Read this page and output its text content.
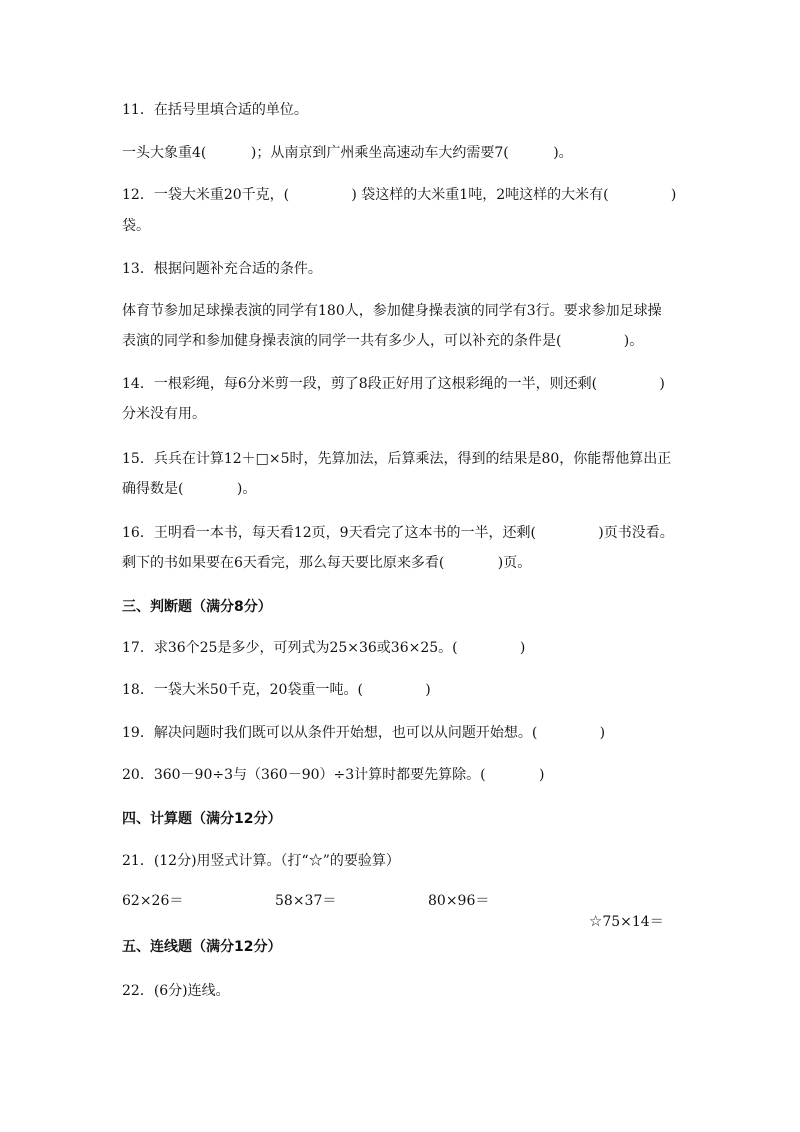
11．在括号里填合适的单位。
一头大象重4(          )；从南京到广州乘坐高速动车大约需要7(          )。
12．一袋大米重20千克，(              ) 袋这样的大米重1吨，2吨这样的大米有(              )
袋。
13．根据问题补充合适的条件。
体育节参加足球操表演的同学有180人，参加健身操表演的同学有3行。要求参加足球操
表演的同学和参加健身操表演的同学一共有多少人，可以补充的条件是(              )。
14．一根彩绳，每6分米剪一段，剪了8段正好用了这根彩绳的一半，则还剩(              )
分米没有用。
15．兵兵在计算12＋□×5时，先算加法，后算乘法，得到的结果是80，你能帮他算出正
确得数是(            )。
16．王明看一本书，每天看12页，9天看完了这本书的一半，还剩(              )页书没看。
剩下的书如果要在6天看完，那么每天要比原来多看(            )页。
三、判断题（满分8分）
17．求36个25是多少，可列式为25×36或36×25。(              )
18．一袋大米50千克，20袋重一吨。(              )
19．解决问题时我们既可以从条件开始想，也可以从问题开始想。(              )
20．360－90÷3与（360－90）÷3计算时都要先算除。(            )
四、计算题（满分12分）
21．(12分)用竖式计算。（打“☆”的要验算）
62×26＝	58×37＝	80×96＝

☆75×14＝

五、连线题（满分12分）
22．(6分)连线。
